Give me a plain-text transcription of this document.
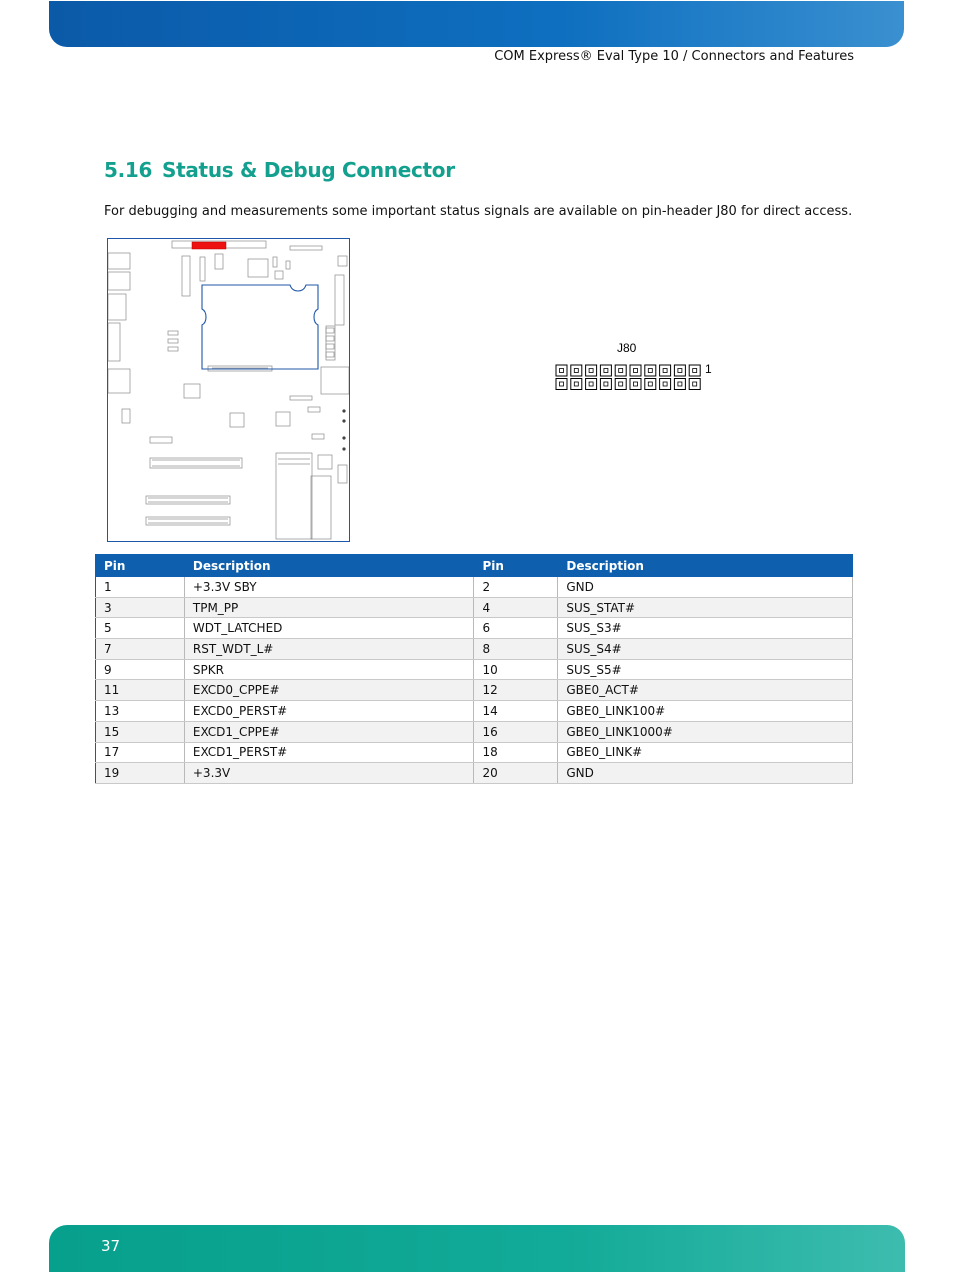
COM Express® Eval Type 10 / Connectors and Features
5.16 Status & Debug Connector

For debugging and measurements some important status signals are available on pin-header J80 for direct access.

J80
1
Pin	Description	Pin	Description
1	+3.3V SBY	2	GND
3	TPM_PP	4	SUS_STAT#
5	WDT_LATCHED	6	SUS_S3#
7	RST_WDT_L#	8	SUS_S4#
9	SPKR	10	SUS_S5#
11	EXCD0_CPPE#	12	GBE0_ACT#
13	EXCD0_PERST#	14	GBE0_LINK100#
15	EXCD1_CPPE#	16	GBE0_LINK1000#
17	EXCD1_PERST#	18	GBE0_LINK#
19	+3.3V	20	GND
37
